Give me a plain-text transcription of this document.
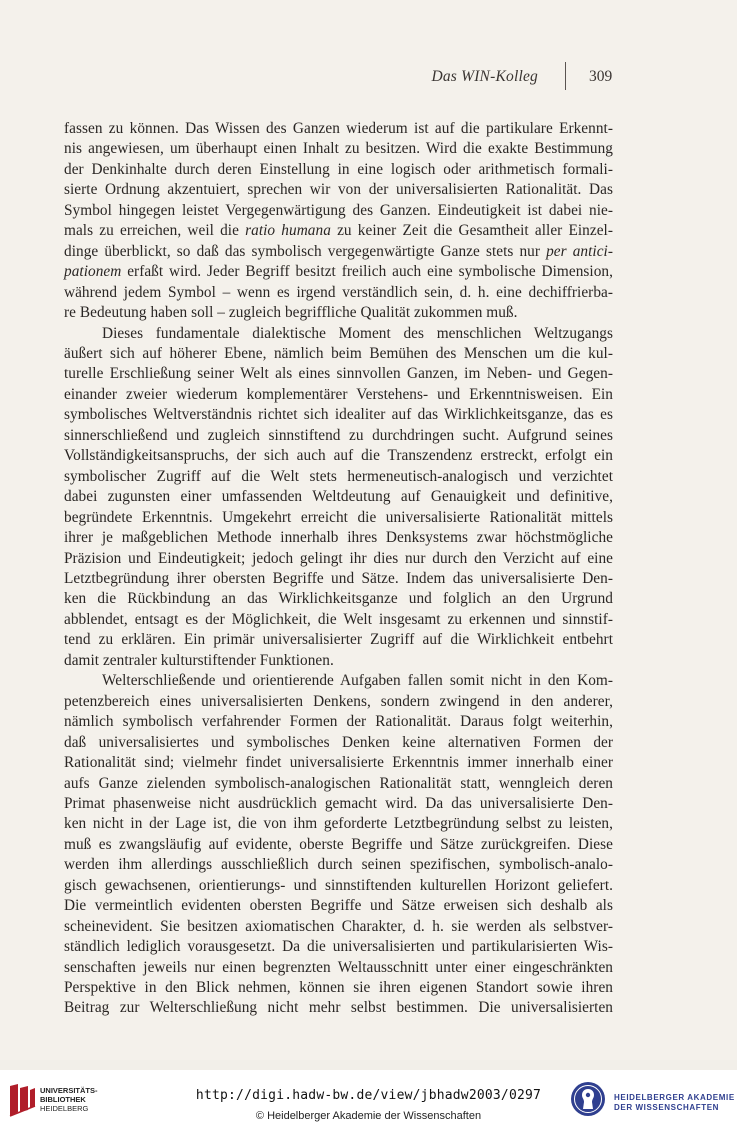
Das WIN-Kolleg	309
fassen zu können. Das Wissen des Ganzen wiederum ist auf die partikulare Erkennt-
nis angewiesen, um überhaupt einen Inhalt zu besitzen. Wird die exakte Bestimmung
der Denkinhalte durch deren Einstellung in eine logisch oder arithmetisch formali-
sierte Ordnung akzentuiert, sprechen wir von der universalisierten Rationalität. Das
Symbol hingegen leistet Vergegenwärtigung des Ganzen. Eindeutigkeit ist dabei nie-
mals zu erreichen, weil die ratio humana zu keiner Zeit die Gesamtheit aller Einzel-
dinge überblickt, so daß das symbolisch vergegenwärtigte Ganze stets nur per antici-
pationem erfaßt wird. Jeder Begriff besitzt freilich auch eine symbolische Dimension,
während jedem Symbol – wenn es irgend verständlich sein, d. h. eine dechiffrierba-
re Bedeutung haben soll – zugleich begriffliche Qualität zukommen muß.
Dieses fundamentale dialektische Moment des menschlichen Weltzugangs
äußert sich auf höherer Ebene, nämlich beim Bemühen des Menschen um die kul-
turelle Erschließung seiner Welt als eines sinnvollen Ganzen, im Neben- und Gegen-
einander zweier wiederum komplementärer Verstehens- und Erkenntnisweisen. Ein
symbolisches Weltverständnis richtet sich idealiter auf das Wirklichkeitsganze, das es
sinnerschließend und zugleich sinnstiftend zu durchdringen sucht. Aufgrund seines
Vollständigkeitsanspruchs, der sich auch auf die Transzendenz erstreckt, erfolgt ein
symbolischer Zugriff auf die Welt stets hermeneutisch-analogisch und verzichtet
dabei zugunsten einer umfassenden Weltdeutung auf Genauigkeit und definitive,
begründete Erkenntnis. Umgekehrt erreicht die universalisierte Rationalität mittels
ihrer je maßgeblichen Methode innerhalb ihres Denksystems zwar höchstmögliche
Präzision und Eindeutigkeit; jedoch gelingt ihr dies nur durch den Verzicht auf eine
Letztbegründung ihrer obersten Begriffe und Sätze. Indem das universalisierte Den-
ken die Rückbindung an das Wirklichkeitsganze und folglich an den Urgrund
abblendet, entsagt es der Möglichkeit, die Welt insgesamt zu erkennen und sinnstif-
tend zu erklären. Ein primär universalisierter Zugriff auf die Wirklichkeit entbehrt
damit zentraler kulturstiftender Funktionen.
Welterschließende und orientierende Aufgaben fallen somit nicht in den Kom-
petenzbereich eines universalisierten Denkens, sondern zwingend in den anderer,
nämlich symbolisch verfahrender Formen der Rationalität. Daraus folgt weiterhin,
daß universalisiertes und symbolisches Denken keine alternativen Formen der
Rationalität sind; vielmehr findet universalisierte Erkenntnis immer innerhalb einer
aufs Ganze zielenden symbolisch-analogischen Rationalität statt, wenngleich deren
Primat phasenweise nicht ausdrücklich gemacht wird. Da das universalisierte Den-
ken nicht in der Lage ist, die von ihm geforderte Letztbegründung selbst zu leisten,
muß es zwangsläufig auf evidente, oberste Begriffe und Sätze zurückgreifen. Diese
werden ihm allerdings ausschließlich durch seinen spezifischen, symbolisch-analo-
gisch gewachsenen, orientierungs- und sinnstiftenden kulturellen Horizont geliefert.
Die vermeintlich evidenten obersten Begriffe und Sätze erweisen sich deshalb als
scheinevident. Sie besitzen axiomatischen Charakter, d. h. sie werden als selbstver-
ständlich lediglich vorausgesetzt. Da die universalisierten und partikularisierten Wis-
senschaften jeweils nur einen begrenzten Weltausschnitt unter einer eingeschränkten
Perspektive in den Blick nehmen, können sie ihren eigenen Standort sowie ihren
Beitrag zur Welterschließung nicht mehr selbst bestimmen. Die universalisierten
UNIVERSITÄTS-
BIBLIOTHEK
HEIDELBERG
http://digi.hadw-bw.de/view/jbhadw2003/0297
© Heidelberger Akademie der Wissenschaften
HEIDELBERGER AKADEMIE
DER WISSENSCHAFTEN
